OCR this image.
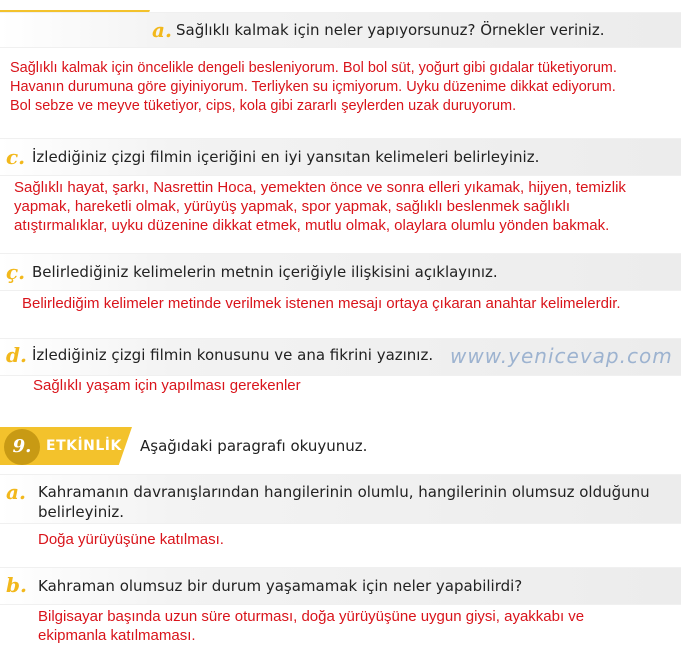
a. Sağlıklı kalmak için neler yapıyorsunuz? Örnekler veriniz.
Sağlıklı kalmak için öncelikle dengeli besleniyorum. Bol bol süt, yoğurt gibi gıdalar tüketiyorum.
Havanın durumuna göre giyiniyorum. Terliyken su içmiyorum. Uyku düzenime dikkat ediyorum.
Bol sebze ve meyve tüketiyor, cips, kola gibi zararlı şeylerden uzak duruyorum.
c. İzlediğiniz çizgi filmin içeriğini en iyi yansıtan kelimeleri belirleyiniz.
Sağlıklı hayat, şarkı, Nasrettin Hoca, yemekten önce ve sonra elleri yıkamak, hijyen, temizlik
yapmak, hareketli olmak, yürüyüş yapmak, spor yapmak, sağlıklı beslenmek sağlıklı
atıştırmalıklar, uyku düzenine dikkat etmek, mutlu olmak, olaylara olumlu yönden bakmak.
ç. Belirlediğiniz kelimelerin metnin içeriğiyle ilişkisini açıklayınız.
Belirlediğim kelimeler metinde verilmek istenen mesajı ortaya çıkaran anahtar kelimelerdir.
d. İzlediğiniz çizgi filmin konusunu ve ana fikrini yazınız. www.yenicevap.com
Sağlıklı yaşam için yapılması gerekenler
9.	ETKİNLİK Aşağıdaki paragrafı okuyunuz.
a. Kahramanın davranışlarından hangilerinin olumlu, hangilerinin olumsuz olduğunu
belirleyiniz.
Doğa yürüyüşüne katılması.
b. Kahraman olumsuz bir durum yaşamamak için neler yapabilirdi?
Bilgisayar başında uzun süre oturması, doğa yürüyüşüne uygun giysi, ayakkabı ve
ekipmanla katılmaması.
